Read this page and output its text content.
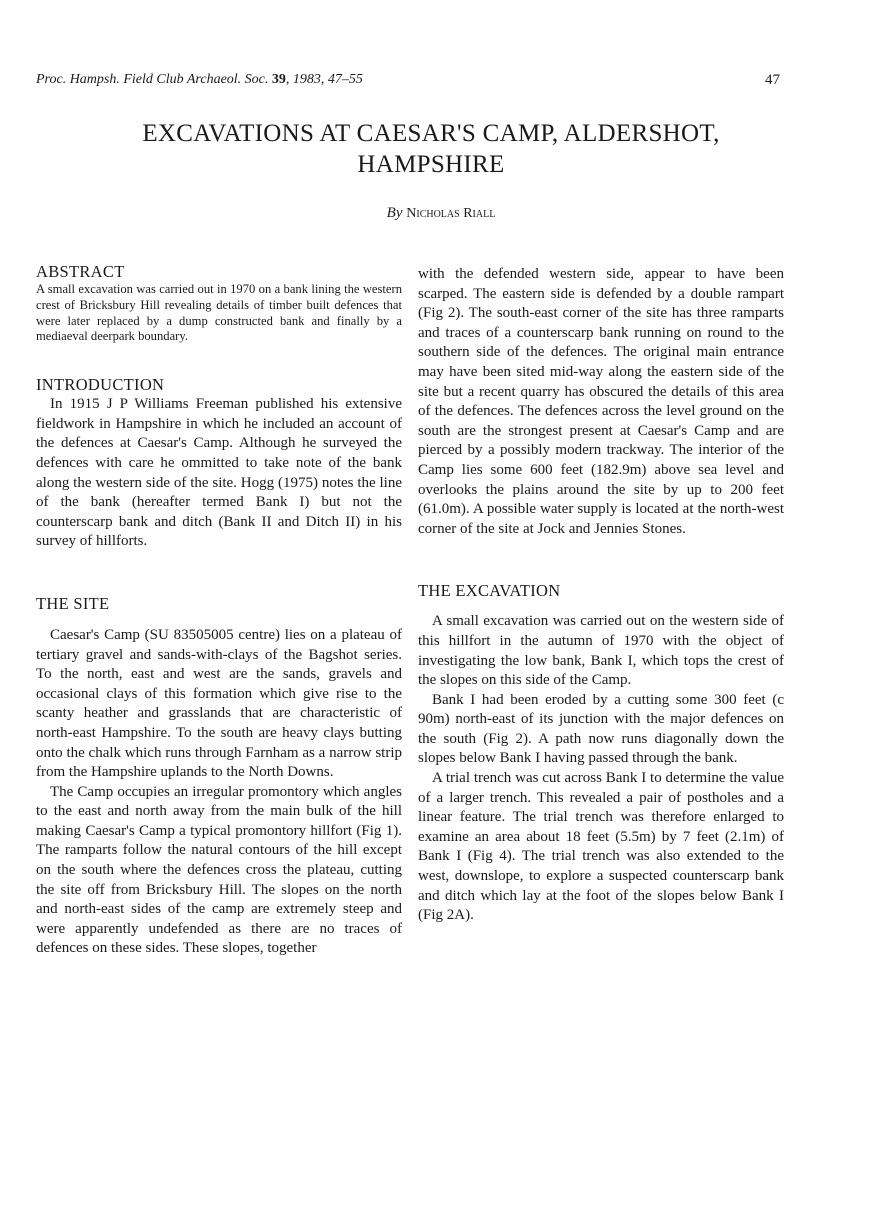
Proc. Hampsh. Field Club Archaeol. Soc. 39, 1983, 47–55	47
EXCAVATIONS AT CAESAR'S CAMP, ALDERSHOT,
HAMPSHIRE
By Nicholas Riall
ABSTRACT

A small excavation was carried out in 1970 on a bank lining the western crest of Bricksbury Hill revealing details of timber built defences that were later replaced by a dump constructed bank and finally by a mediaeval deerpark boundary.

INTRODUCTION

In 1915 J P Williams Freeman published his extensive fieldwork in Hampshire in which he included an account of the defences at Caesar's Camp. Although he surveyed the defences with care he ommitted to take note of the bank along the western side of the site. Hogg (1975) notes the line of the bank (hereafter termed Bank I) but not the counterscarp bank and ditch (Bank II and Ditch II) in his survey of hillforts.

THE SITE

Caesar's Camp (SU 83505005 centre) lies on a plateau of tertiary gravel and sands-with-clays of the Bagshot series. To the north, east and west are the sands, gravels and occasional clays of this formation which give rise to the scanty heather and grasslands that are characteristic of north-east Hampshire. To the south are heavy clays butting onto the chalk which runs through Farnham as a narrow strip from the Hampshire uplands to the North Downs.

The Camp occupies an irregular promontory which angles to the east and north away from the main bulk of the hill making Caesar's Camp a typical promontory hillfort (Fig 1). The ramparts follow the natural contours of the hill except on the south where the defences cross the plateau, cutting the site off from Bricksbury Hill. The slopes on the north and north-east sides of the camp are extremely steep and were apparently undefended as there are no traces of defences on these sides. These slopes, together

with the defended western side, appear to have been scarped. The eastern side is defended by a double rampart (Fig 2). The south-east corner of the site has three ramparts and traces of a counterscarp bank running on round to the southern side of the defences. The original main entrance may have been sited mid-way along the eastern side of the site but a recent quarry has obscured the details of this area of the defences. The defences across the level ground on the south are the strongest present at Caesar's Camp and are pierced by a possibly modern trackway. The interior of the Camp lies some 600 feet (182.9m) above sea level and overlooks the plains around the site by up to 200 feet (61.0m). A possible water supply is located at the north-west corner of the site at Jock and Jennies Stones.

THE EXCAVATION

A small excavation was carried out on the western side of this hillfort in the autumn of 1970 with the object of investigating the low bank, Bank I, which tops the crest of the slopes on this side of the Camp.

Bank I had been eroded by a cutting some 300 feet (c 90m) north-east of its junction with the major defences on the south (Fig 2). A path now runs diagonally down the slopes below Bank I having passed through the bank.

A trial trench was cut across Bank I to determine the value of a larger trench. This revealed a pair of postholes and a linear feature. The trial trench was therefore enlarged to examine an area about 18 feet (5.5m) by 7 feet (2.1m) of Bank I (Fig 4). The trial trench was also extended to the west, downslope, to explore a suspected counterscarp bank and ditch which lay at the foot of the slopes below Bank I (Fig 2A).
